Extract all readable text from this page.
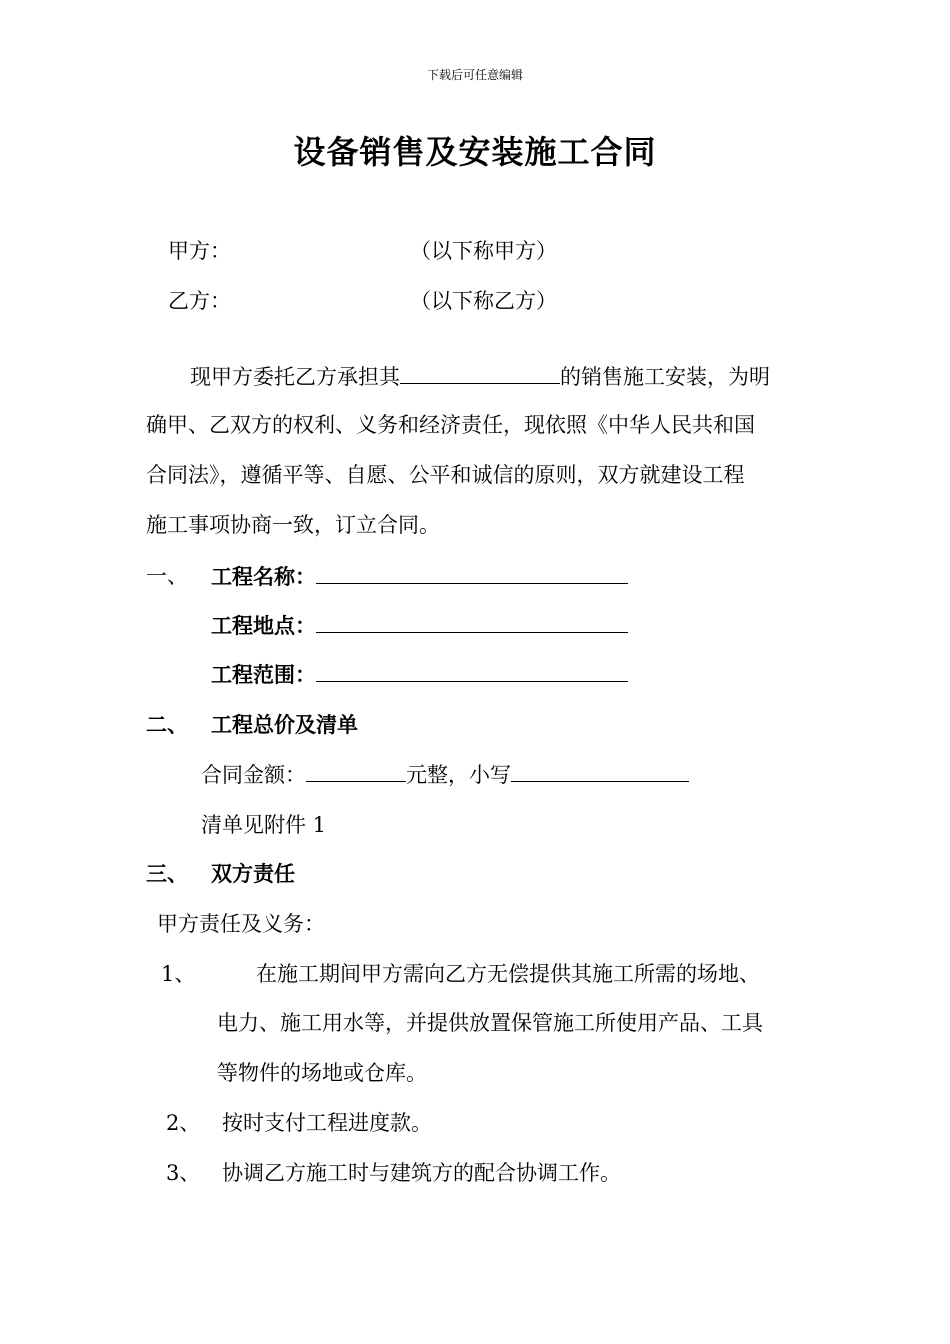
下载后可任意编辑
设备销售及安装施工合同
甲方：	（以下称甲方）
乙方：	（以下称乙方）
现甲方委托乙方承担其	的销售施工安装，为明
确甲、乙双方的权利、义务和经济责任，现依照《中华人民共和国
合同法》，遵循平等、自愿、公平和诚信的原则，双方就建设工程
施工事项协商一致，订立合同。
一、 工程名称：
工程地点：
工程范围：
二、 工程总价及清单
合同金额：	元整，小写
清单见附件 1
三、 双方责任
甲方责任及义务：
1、	在施工期间甲方需向乙方无偿提供其施工所需的场地、
电力、施工用水等，并提供放置保管施工所使用产品、工具
等物件的场地或仓库。
2、 按时支付工程进度款。
3、 协调乙方施工时与建筑方的配合协调工作。
